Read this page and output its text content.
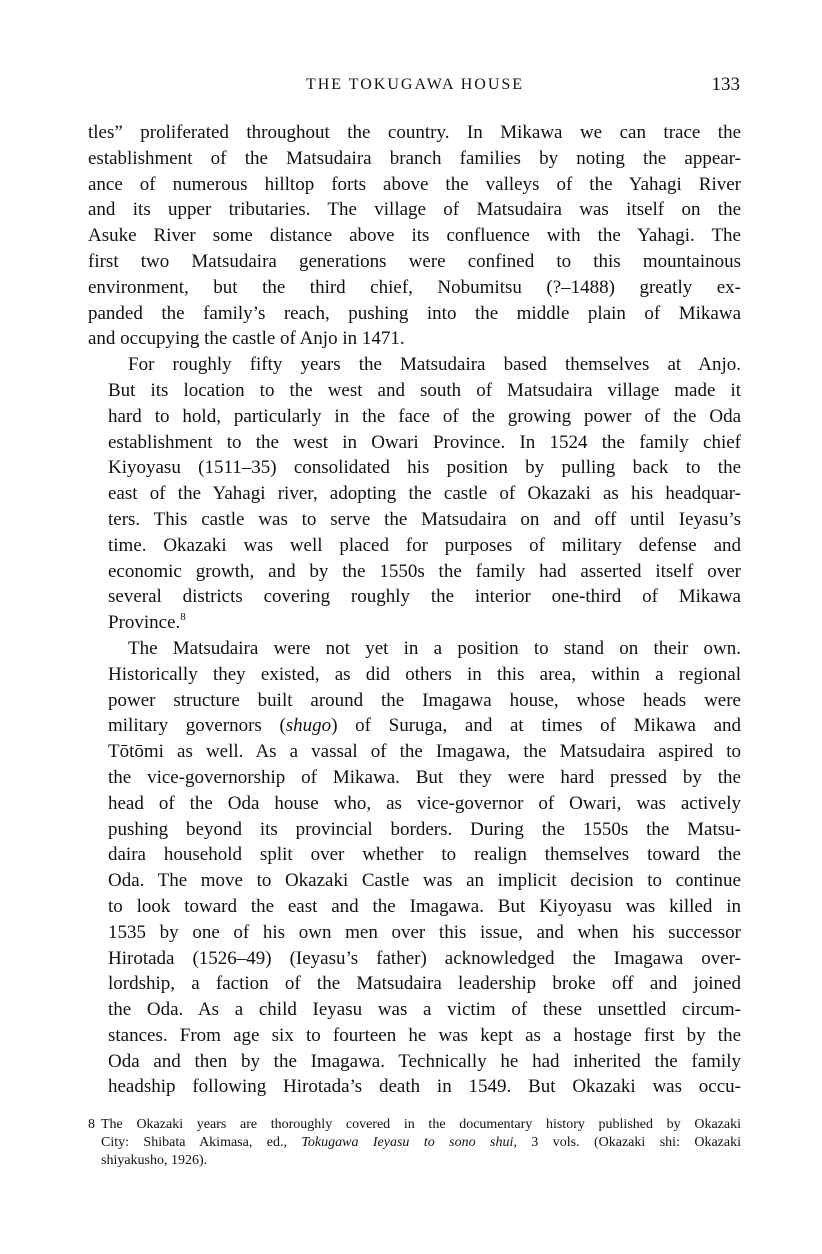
THE TOKUGAWA HOUSE	133
tles” proliferated throughout the country. In Mikawa we can trace the
establishment of the Matsudaira branch families by noting the appear-
ance of numerous hilltop forts above the valleys of the Yahagi River
and its upper tributaries. The village of Matsudaira was itself on the
Asuke River some distance above its confluence with the Yahagi. The
first two Matsudaira generations were confined to this mountainous
environment, but the third chief, Nobumitsu (?–1488) greatly ex-
panded the family’s reach, pushing into the middle plain of Mikawa
and occupying the castle of Anjo in 1471.
For roughly fifty years the Matsudaira based themselves at Anjo.
But its location to the west and south of Matsudaira village made it
hard to hold, particularly in the face of the growing power of the Oda
establishment to the west in Owari Province. In 1524 the family chief
Kiyoyasu (1511–35) consolidated his position by pulling back to the
east of the Yahagi river, adopting the castle of Okazaki as his headquar-
ters. This castle was to serve the Matsudaira on and off until Ieyasu’s
time. Okazaki was well placed for purposes of military defense and
economic growth, and by the 1550s the family had asserted itself over
several districts covering roughly the interior one-third of Mikawa
Province.$^8$
The Matsudaira were not yet in a position to stand on their own.
Historically they existed, as did others in this area, within a regional
power structure built around the Imagawa house, whose heads were
military governors (shugo) of Suruga, and at times of Mikawa and
Tōtōmi as well. As a vassal of the Imagawa, the Matsudaira aspired to
the vice-governorship of Mikawa. But they were hard pressed by the
head of the Oda house who, as vice-governor of Owari, was actively
pushing beyond its provincial borders. During the 1550s the Matsu-
daira household split over whether to realign themselves toward the
Oda. The move to Okazaki Castle was an implicit decision to continue
to look toward the east and the Imagawa. But Kiyoyasu was killed in
1535 by one of his own men over this issue, and when his successor
Hirotada (1526–49) (Ieyasu’s father) acknowledged the Imagawa over-
lordship, a faction of the Matsudaira leadership broke off and joined
the Oda. As a child Ieyasu was a victim of these unsettled circum-
stances. From age six to fourteen he was kept as a hostage first by the
Oda and then by the Imagawa. Technically he had inherited the family
headship following Hirotada’s death in 1549. But Okazaki was occu-
8 The Okazaki years are thoroughly covered in the documentary history published by Okazaki
City: Shibata Akimasa, ed., Tokugawa Ieyasu to sono shui, 3 vols. (Okazaki shi: Okazaki
shiyakusho, 1926).
